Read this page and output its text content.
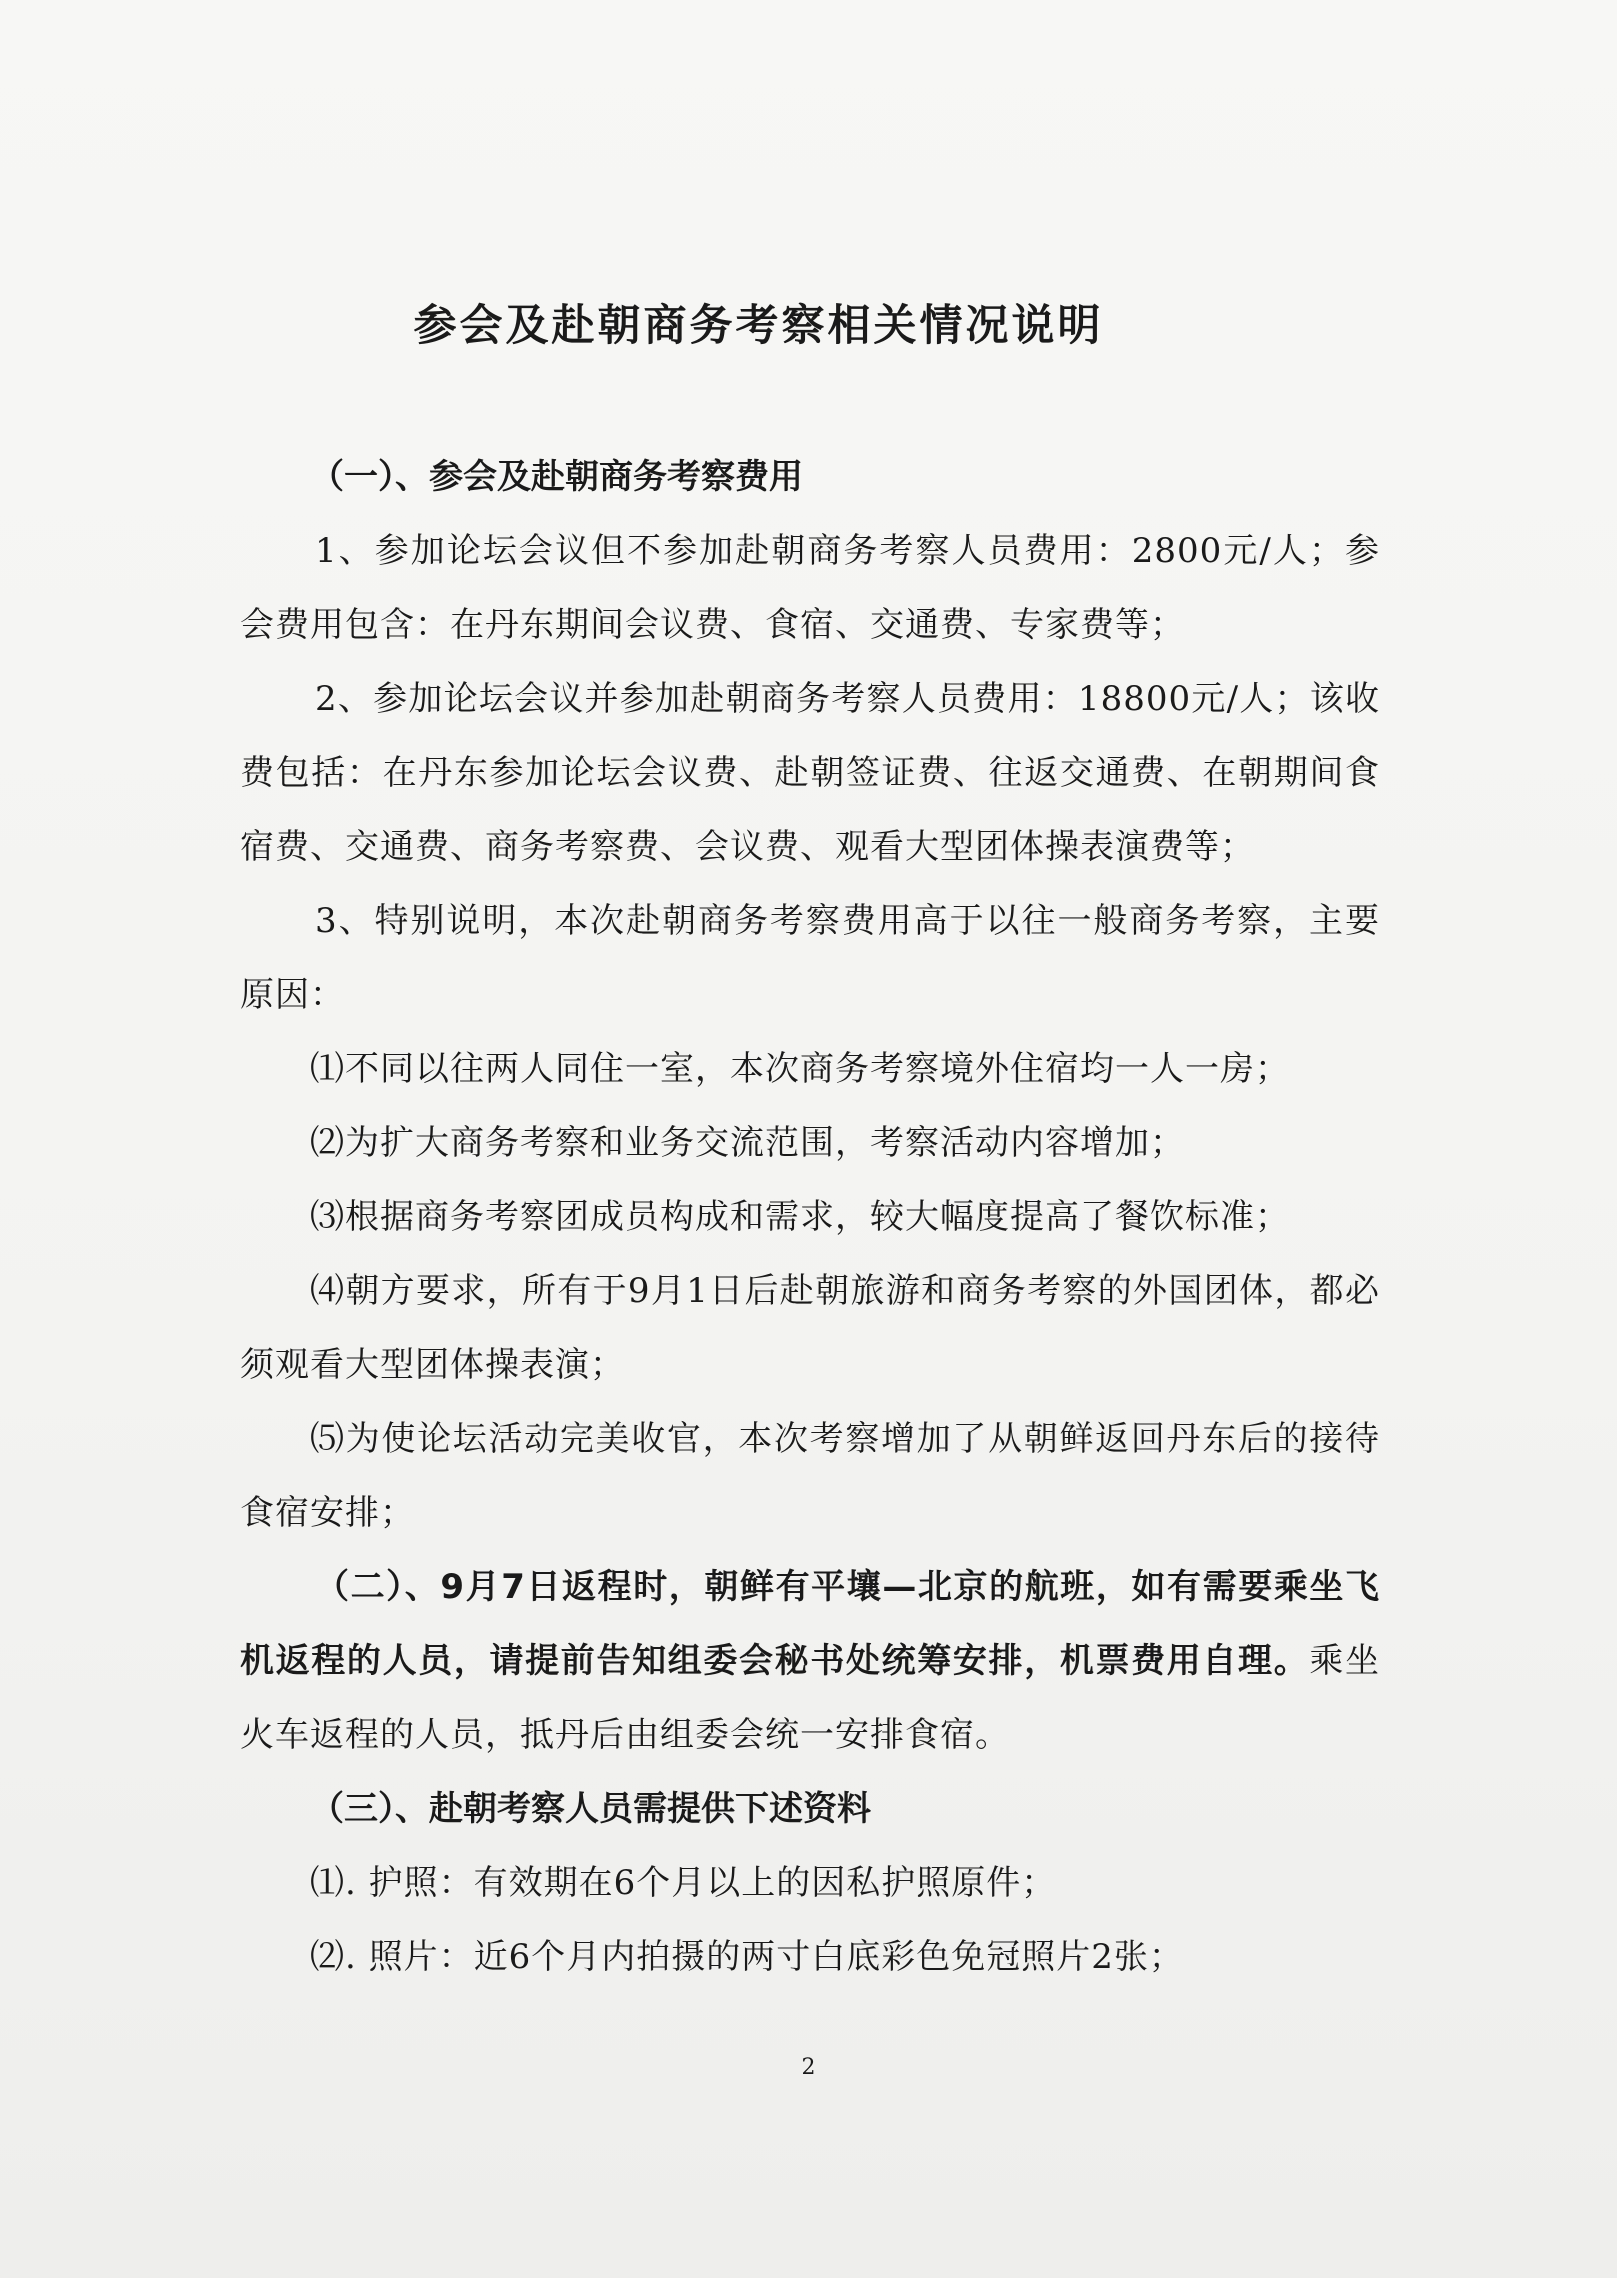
参会及赴朝商务考察相关情况说明

（一）、参会及赴朝商务考察费用

1、参加论坛会议但不参加赴朝商务考察人员费用：2800元/人；参会费用包含：在丹东期间会议费、食宿、交通费、专家费等；

2、参加论坛会议并参加赴朝商务考察人员费用：18800元/人；该收费包括：在丹东参加论坛会议费、赴朝签证费、往返交通费、在朝期间食宿费、交通费、商务考察费、会议费、观看大型团体操表演费等；

3、特别说明，本次赴朝商务考察费用高于以往一般商务考察，主要原因：

⑴不同以往两人同住一室，本次商务考察境外住宿均一人一房；

⑵为扩大商务考察和业务交流范围，考察活动内容增加；

⑶根据商务考察团成员构成和需求，较大幅度提高了餐饮标准；

⑷朝方要求，所有于9月1日后赴朝旅游和商务考察的外国团体，都必须观看大型团体操表演；

⑸为使论坛活动完美收官，本次考察增加了从朝鲜返回丹东后的接待食宿安排；

（二）、9月7日返程时，朝鲜有平壤—北京的航班，如有需要乘坐飞机返程的人员，请提前告知组委会秘书处统筹安排，机票费用自理。乘坐火车返程的人员，抵丹后由组委会统一安排食宿。

（三）、赴朝考察人员需提供下述资料

⑴. 护照：有效期在6个月以上的因私护照原件；

⑵. 照片：近6个月内拍摄的两寸白底彩色免冠照片2张；

2
